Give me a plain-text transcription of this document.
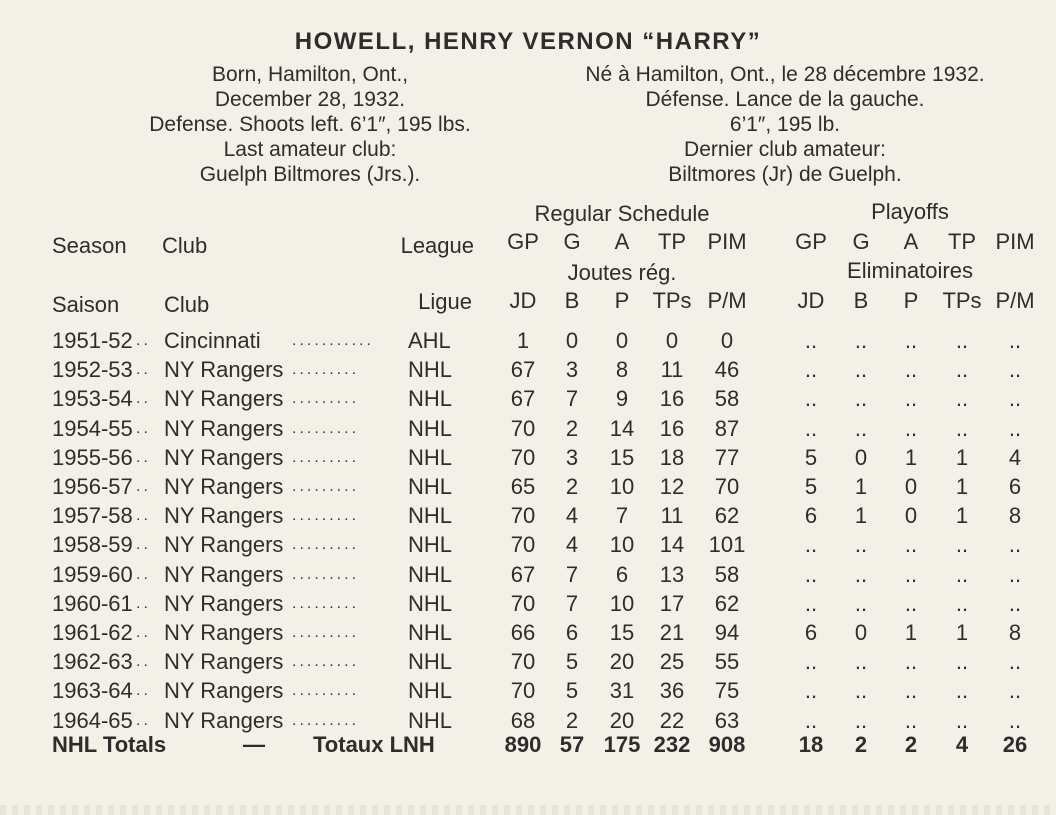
HOWELL, HENRY VERNON “HARRY”
Born, Hamilton, Ont.,
December 28, 1932.
Defense. Shoots left. 6’1″, 195 lbs.
Last amateur club:
Guelph Biltmores (Jrs.).
Né à Hamilton, Ont., le 28 décembre 1932.
Défense. Lance de la gauche.
6’1″, 195 lb.
Dernier club amateur:
Biltmores (Jr) de Guelph.
Regular Schedule	Playoffs
Season Club	League	GP	G	A	TP PIM	GP	G	A	TP PIM
Joutes rég.	Eliminatoires
Saison Club	Ligue	JD	B	P	TPs P/M	JD	B	P	TPs P/M
1951-52 .. Cincinnati ...........	AHL	1	0	0	0	0	..	..	..	..	..
1952-53 .. NY Rangers .........	NHL	67	3	8	11	46	..	..	..	..	..
1953-54 .. NY Rangers .........	NHL	67	7	9	16	58	..	..	..	..	..
1954-55 .. NY Rangers .........	NHL	70	2	14	16	87	..	..	..	..	..
1955-56 .. NY Rangers .........	NHL	70	3	15	18	77	5	0	1	1	4
1956-57 .. NY Rangers .........	NHL	65	2	10	12	70	5	1	0	1	6
1957-58 .. NY Rangers .........	NHL	70	4	7	11	62	6	1	0	1	8
1958-59 .. NY Rangers .........	NHL	70	4	10	14	101	..	..	..	..	..
1959-60 .. NY Rangers .........	NHL	67	7	6	13	58	..	..	..	..	..
1960-61 .. NY Rangers .........	NHL	70	7	10	17	62	..	..	..	..	..
1961-62 .. NY Rangers .........	NHL	66	6	15	21	94	6	0	1	1	8
1962-63 .. NY Rangers .........	NHL	70	5	20	25	55	..	..	..	..	..
1963-64 .. NY Rangers .........	NHL	70	5	31	36	75	..	..	..	..	..
1964-65 .. NY Rangers .........	NHL	68	2	20	22	63	..	..	..	..	..
NHL Totals	— Totaux LNH	890 57 175 232 908	18	2	2	4	26
